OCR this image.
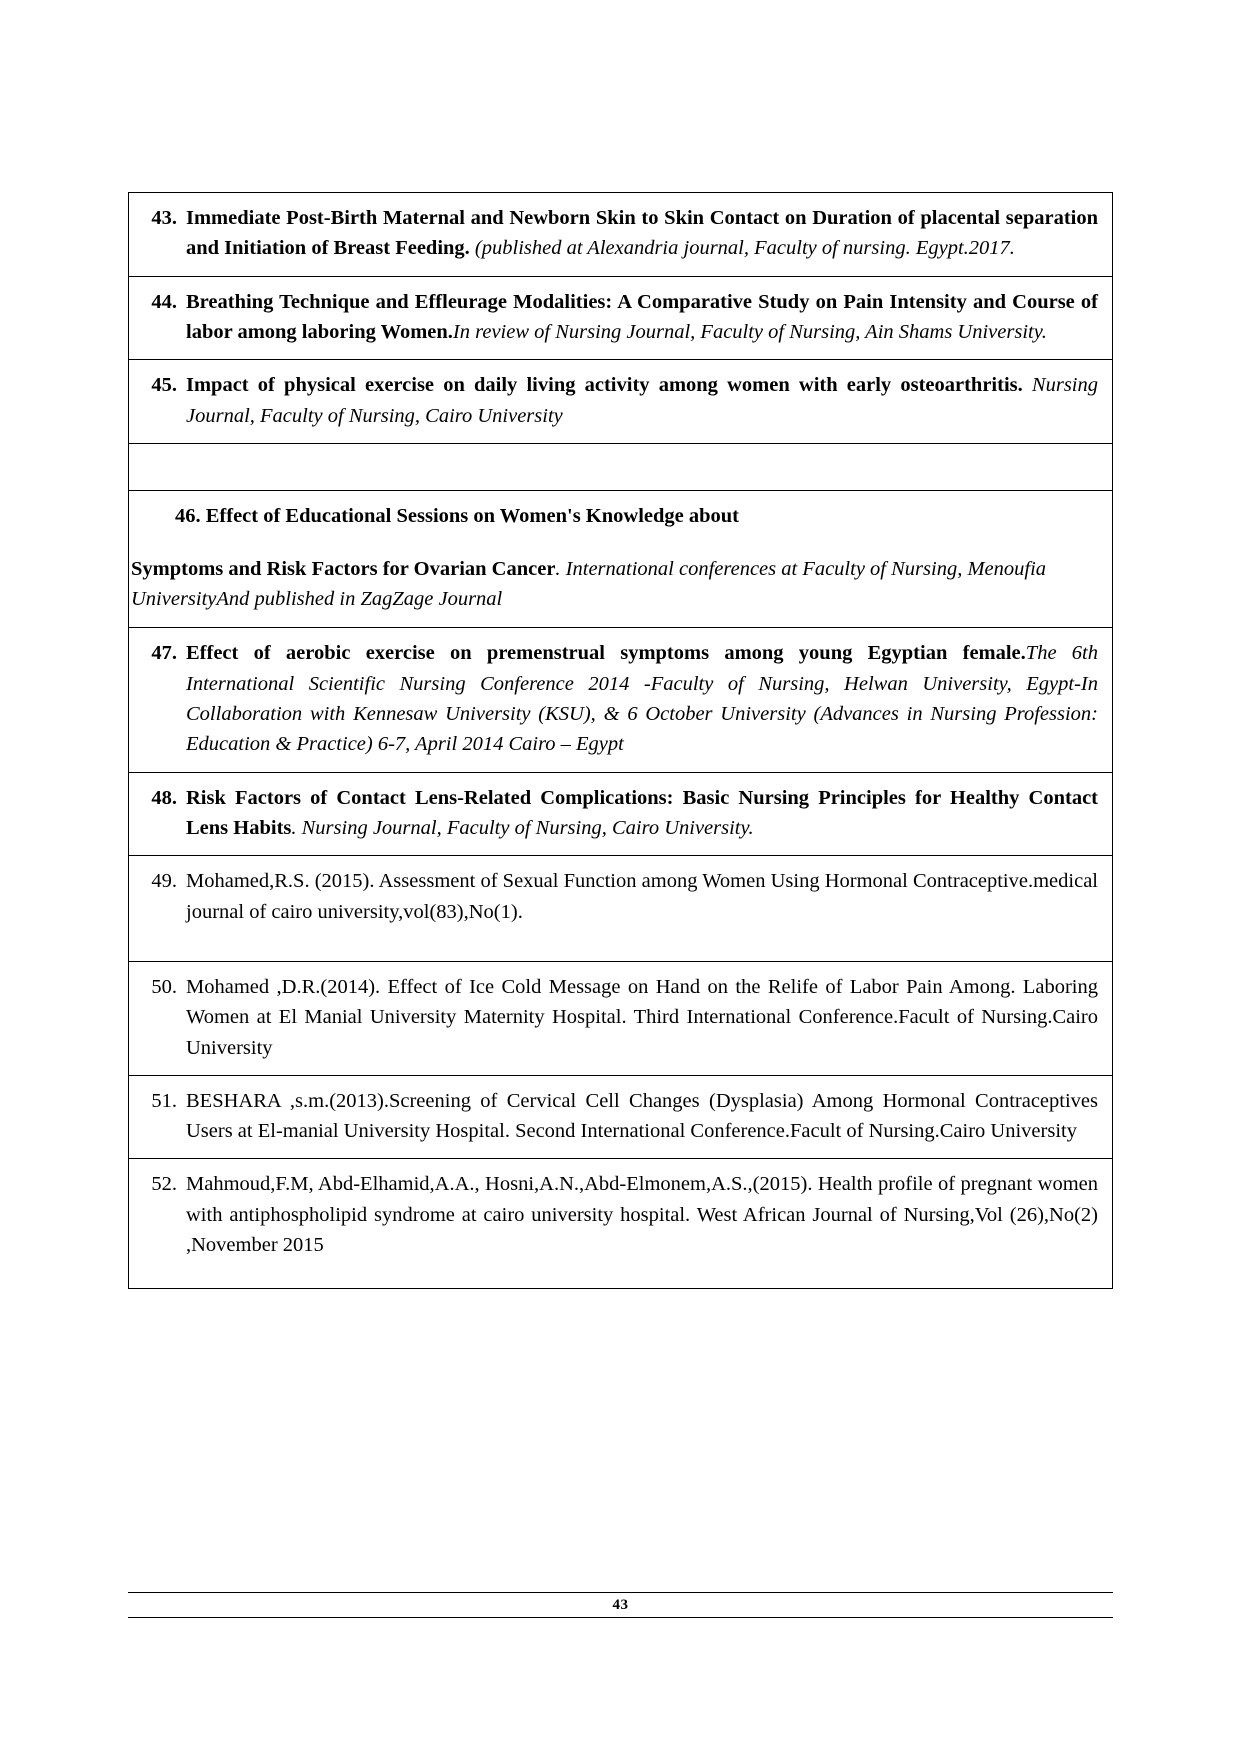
43. Immediate Post-Birth Maternal and Newborn Skin to Skin Contact on Duration of placental separation and Initiation of Breast Feeding. (published at Alexandria journal, Faculty of nursing. Egypt.2017.

44. Breathing Technique and Effleurage Modalities: A Comparative Study on Pain Intensity and Course of labor among laboring Women.In review of Nursing Journal, Faculty of Nursing, Ain Shams University.

45. Impact of physical exercise on daily living activity among women with early osteoarthritis. Nursing Journal, Faculty of Nursing, Cairo University

46. Effect of Educational Sessions on Women's Knowledge about
Symptoms and Risk Factors for Ovarian Cancer. International conferences at Faculty of Nursing, Menoufia UniversityAnd published in ZagZage Journal

47. Effect of aerobic exercise on premenstrual symptoms among young Egyptian female.The 6th International Scientific Nursing Conference 2014 -Faculty of Nursing, Helwan University, Egypt-In Collaboration with Kennesaw University (KSU), & 6 October University (Advances in Nursing Profession: Education & Practice) 6-7, April 2014 Cairo – Egypt

48. Risk Factors of Contact Lens-Related Complications: Basic Nursing Principles for Healthy Contact Lens Habits. Nursing Journal, Faculty of Nursing, Cairo University.

49. Mohamed,R.S. (2015). Assessment of Sexual Function among Women Using Hormonal Contraceptive.medical journal of cairo university,vol(83),No(1).

50. Mohamed ,D.R.(2014). Effect of Ice Cold Message on Hand on the Relife of Labor Pain Among. Laboring Women at El Manial University Maternity Hospital. Third International Conference.Facult of Nursing.Cairo University

51. BESHARA ,s.m.(2013).Screening of Cervical Cell Changes (Dysplasia) Among Hormonal Contraceptives Users at El-manial University Hospital. Second International Conference.Facult of Nursing.Cairo University

52. Mahmoud,F.M, Abd-Elhamid,A.A., Hosni,A.N.,Abd-Elmonem,A.S.,(2015). Health profile of pregnant women with antiphospholipid syndrome at cairo university hospital. West African Journal of Nursing,Vol (26),No(2) ,November 2015
43
